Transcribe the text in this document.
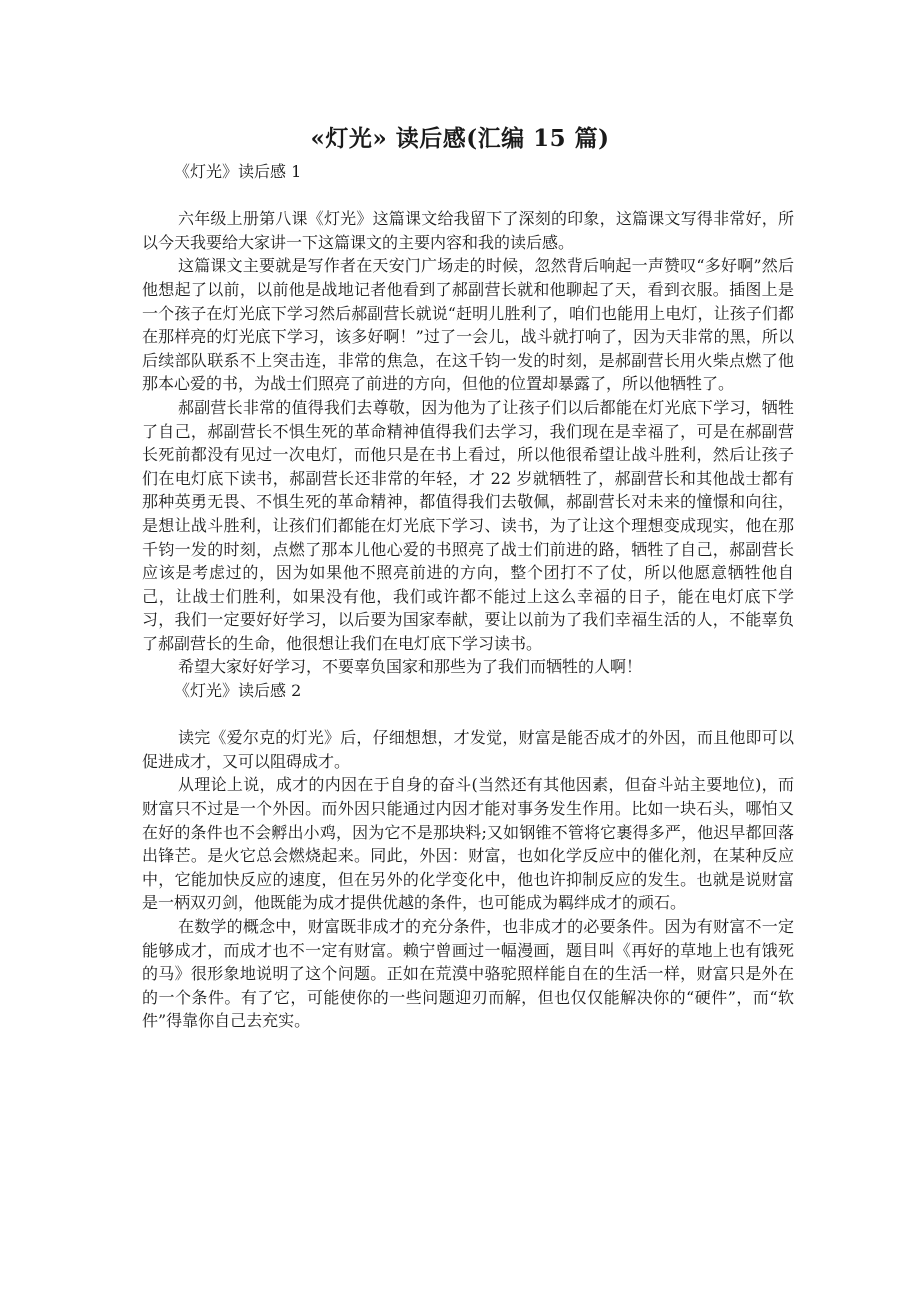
«灯光» 读后感(汇编 15 篇)

《灯光》读后感 1

六年级上册第八课《灯光》这篇课文给我留下了深刻的印象，这篇课文写得非常好，所以今天我要给大家讲一下这篇课文的主要内容和我的读后感。

这篇课文主要就是写作者在天安门广场走的时候，忽然背后响起一声赞叹“多好啊”然后他想起了以前，以前他是战地记者他看到了郝副营长就和他聊起了天，看到衣服。插图上是一个孩子在灯光底下学习然后郝副营长就说“赶明儿胜利了，咱们也能用上电灯，让孩子们都在那样亮的灯光底下学习，该多好啊！”过了一会儿，战斗就打响了，因为天非常的黑，所以后续部队联系不上突击连，非常的焦急，在这千钧一发的时刻，是郝副营长用火柴点燃了他那本心爱的书，为战士们照亮了前进的方向，但他的位置却暴露了，所以他牺牲了。

郝副营长非常的值得我们去尊敬，因为他为了让孩子们以后都能在灯光底下学习，牺牲了自己，郝副营长不惧生死的革命精神值得我们去学习，我们现在是幸福了，可是在郝副营长死前都没有见过一次电灯，而他只是在书上看过，所以他很希望让战斗胜利，然后让孩子们在电灯底下读书，郝副营长还非常的年轻，才 22 岁就牺牲了，郝副营长和其他战士都有那种英勇无畏、不惧生死的革命精神，都值得我们去敬佩，郝副营长对未来的憧憬和向往，是想让战斗胜利，让孩们们都能在灯光底下学习、读书，为了让这个理想变成现实，他在那千钧一发的时刻，点燃了那本儿他心爱的书照亮了战士们前进的路，牺牲了自己，郝副营长应该是考虑过的，因为如果他不照亮前进的方向，整个团打不了仗，所以他愿意牺牲他自己，让战士们胜利，如果没有他，我们或许都不能过上这么幸福的日子，能在电灯底下学习，我们一定要好好学习，以后要为国家奉献，要让以前为了我们幸福生活的人，不能辜负了郝副营长的生命，他很想让我们在电灯底下学习读书。

希望大家好好学习，不要辜负国家和那些为了我们而牺牲的人啊！

《灯光》读后感 2

读完《爱尔克的灯光》后，仔细想想，才发觉，财富是能否成才的外因，而且他即可以促进成才，又可以阻碍成才。

从理论上说，成才的内因在于自身的奋斗(当然还有其他因素，但奋斗站主要地位)，而财富只不过是一个外因。而外因只能通过内因才能对事务发生作用。比如一块石头，哪怕又在好的条件也不会孵出小鸡，因为它不是那块料;又如钢锥不管将它裹得多严，他迟早都回落出锋芒。是火它总会燃烧起来。同此，外因：财富，也如化学反应中的催化剂，在某种反应中，它能加快反应的速度，但在另外的化学变化中，他也许抑制反应的发生。也就是说财富是一柄双刃剑，他既能为成才提供优越的条件，也可能成为羁绊成才的顽石。

在数学的概念中，财富既非成才的充分条件，也非成才的必要条件。因为有财富不一定能够成才，而成才也不一定有财富。赖宁曾画过一幅漫画，题目叫《再好的草地上也有饿死的马》很形象地说明了这个问题。正如在荒漠中骆驼照样能自在的生活一样，财富只是外在的一个条件。有了它，可能使你的一些问题迎刃而解，但也仅仅能解决你的“硬件”，而“软件”得靠你自己去充实。
